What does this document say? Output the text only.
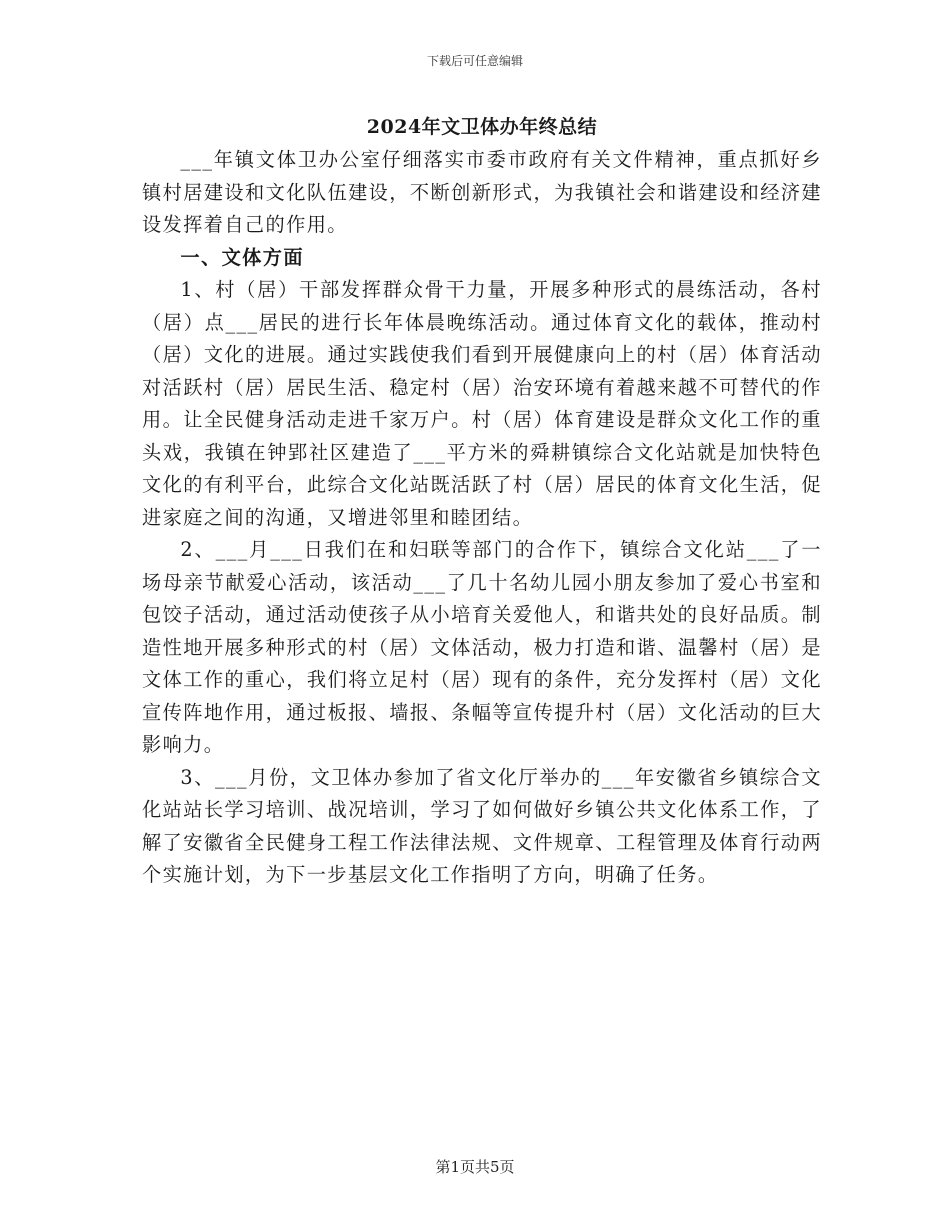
下载后可任意编辑
2024年文卫体办年终总结

___年镇文体卫办公室仔细落实市委市政府有关文件精神，重点抓好乡镇村居建设和文化队伍建设，不断创新形式，为我镇社会和谐建设和经济建设发挥着自己的作用。

一、文体方面

1、村（居）干部发挥群众骨干力量，开展多种形式的晨练活动，各村（居）点___居民的进行长年体晨晚练活动。通过体育文化的载体，推动村（居）文化的进展。通过实践使我们看到开展健康向上的村（居）体育活动对活跃村（居）居民生活、稳定村（居）治安环境有着越来越不可替代的作用。让全民健身活动走进千家万户。村（居）体育建设是群众文化工作的重头戏，我镇在钟郢社区建造了___平方米的舜耕镇综合文化站就是加快特色文化的有利平台，此综合文化站既活跃了村（居）居民的体育文化生活，促进家庭之间的沟通，又增进邻里和睦团结。

2、___月___日我们在和妇联等部门的合作下，镇综合文化站___了一场母亲节献爱心活动，该活动___了几十名幼儿园小朋友参加了爱心书室和包饺子活动，通过活动使孩子从小培育关爱他人，和谐共处的良好品质。制造性地开展多种形式的村（居）文体活动，极力打造和谐、温馨村（居）是文体工作的重心，我们将立足村（居）现有的条件，充分发挥村（居）文化宣传阵地作用，通过板报、墙报、条幅等宣传提升村（居）文化活动的巨大影响力。

3、___月份，文卫体办参加了省文化厅举办的___年安徽省乡镇综合文化站站长学习培训、战况培训，学习了如何做好乡镇公共文化体系工作，了解了安徽省全民健身工程工作法律法规、文件规章、工程管理及体育行动两个实施计划，为下一步基层文化工作指明了方向，明确了任务。

第1页共5页
